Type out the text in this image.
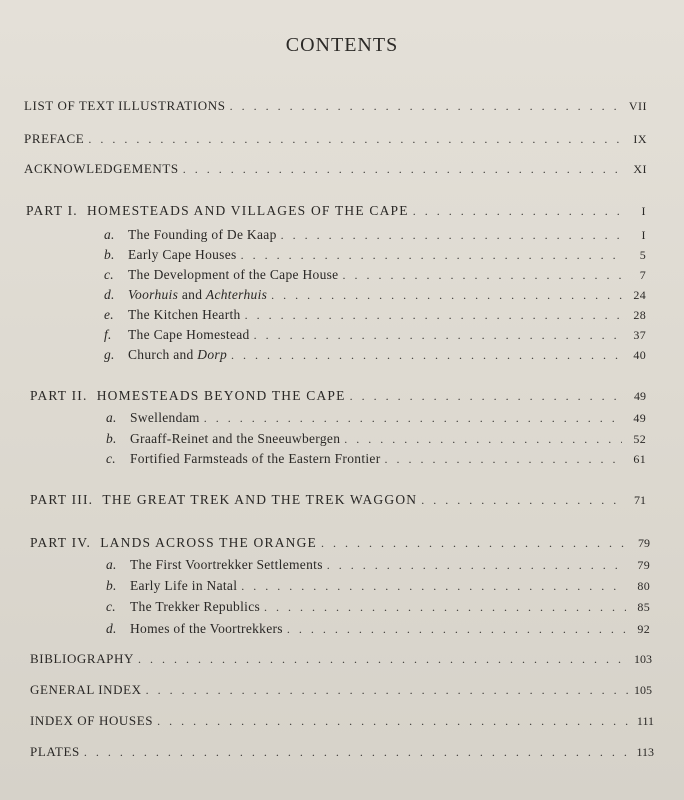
CONTENTS
LIST OF TEXT ILLUSTRATIONS . . .	VII
PREFACE . . .	IX
ACKNOWLEDGEMENTS . . .	XI
PART I. HOMESTEADS AND VILLAGES OF THE CAPE . . .	I
a. The Founding of De Kaap . . .	I
b. Early Cape Houses . . .	5
c. The Development of the Cape House . . .	7
d. Voorhuis and Achterhuis . . .	24
e. The Kitchen Hearth . . .	28
f. The Cape Homestead . . .	37
g. Church and Dorp . . .	40
PART II. HOMESTEADS BEYOND THE CAPE . . .	49
a. Swellendam . . .	49
b. Graaff-Reinet and the Sneeuwbergen . . .	52
c. Fortified Farmsteads of the Eastern Frontier . . .	61
PART III. THE GREAT TREK AND THE TREK WAGGON . . .	71
PART IV. LANDS ACROSS THE ORANGE . . .	79
a. The First Voortrekker Settlements . . .	79
b. Early Life in Natal . . .	80
c. The Trekker Republics . . .	85
d. Homes of the Voortrekkers . . .	92
BIBLIOGRAPHY . . .	103
GENERAL INDEX . . .	105
INDEX OF HOUSES . . .	111
PLATES . . .	113
